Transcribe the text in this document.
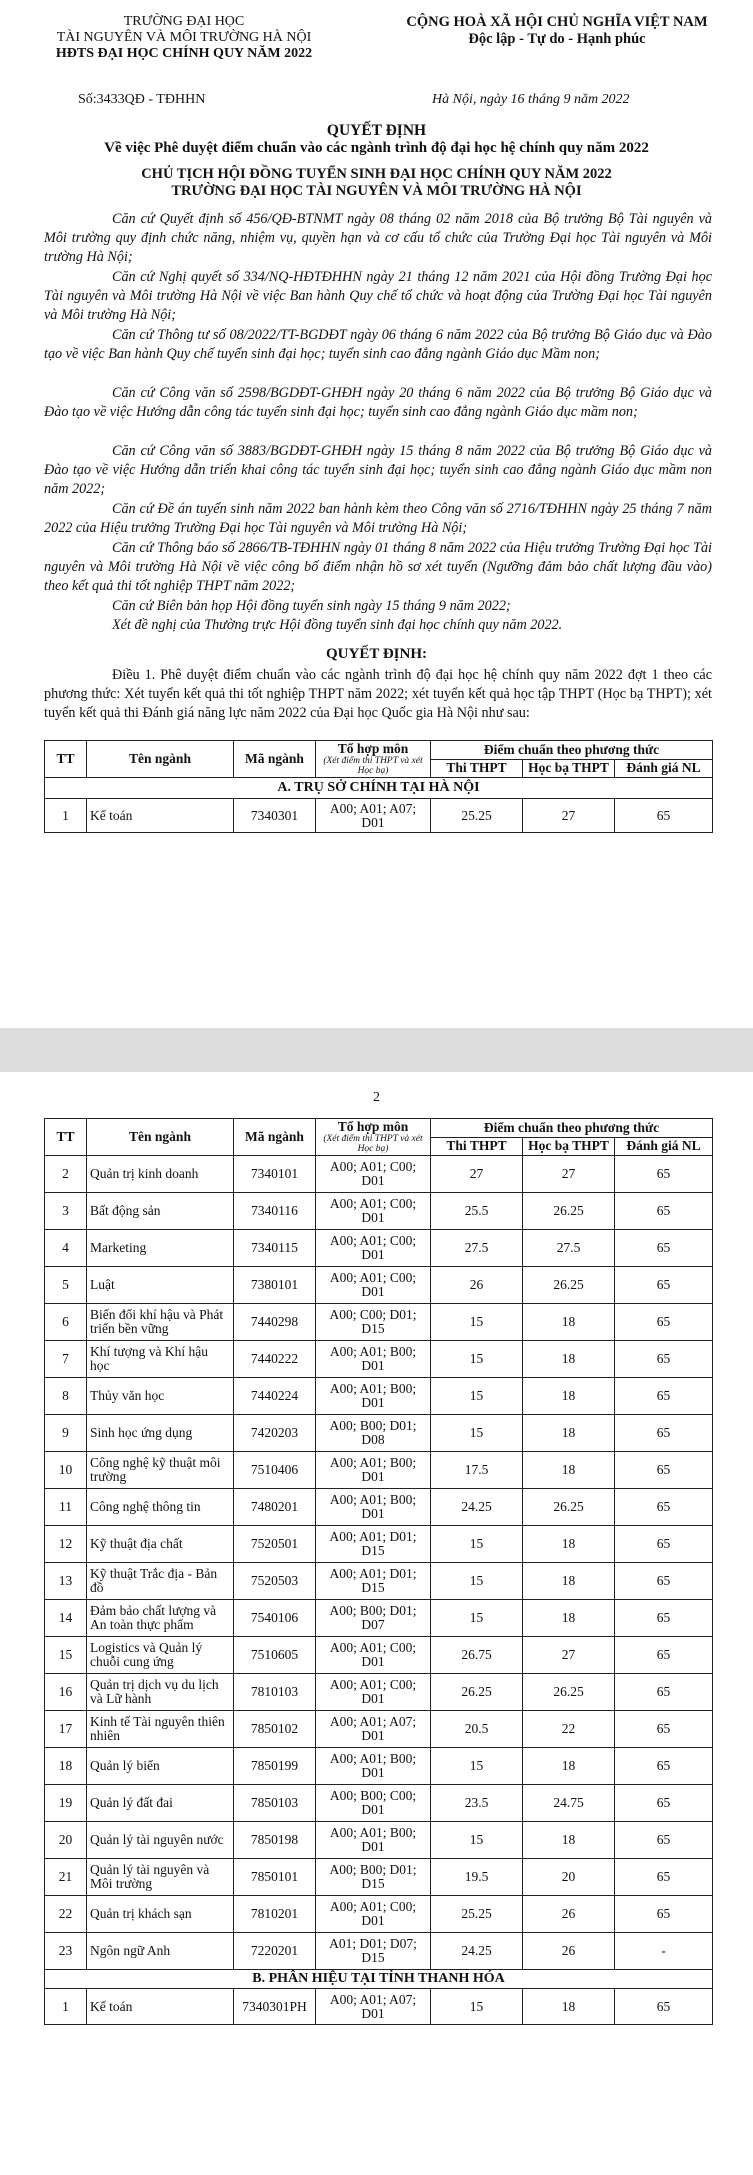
TRƯỜNG ĐẠI HỌC
TÀI NGUYÊN VÀ MÔI TRƯỜNG HÀ NỘI
HĐTS ĐẠI HỌC CHÍNH QUY NĂM 2022
CỘNG HOÀ XÃ HỘI CHỦ NGHĨA VIỆT NAM
Độc lập - Tự do - Hạnh phúc
Số:3433QĐ - TĐHHN	Hà Nội, ngày 16 tháng 9 năm 2022
QUYẾT ĐỊNH
Về việc Phê duyệt điểm chuẩn vào các ngành trình độ đại học hệ chính quy năm 2022
CHỦ TỊCH HỘI ĐỒNG TUYỂN SINH ĐẠI HỌC CHÍNH QUY NĂM 2022
TRƯỜNG ĐẠI HỌC TÀI NGUYÊN VÀ MÔI TRƯỜNG HÀ NỘI

Căn cứ Quyết định số 456/QĐ-BTNMT ngày 08 tháng 02 năm 2018 của Bộ trưởng Bộ Tài nguyên và Môi trường quy định chức năng, nhiệm vụ, quyền hạn và cơ cấu tổ chức của Trường Đại học Tài nguyên và Môi trường Hà Nội;

Căn cứ Nghị quyết số 334/NQ-HĐTĐHHN ngày 21 tháng 12 năm 2021 của Hội đồng Trường Đại học Tài nguyên và Môi trường Hà Nội về việc Ban hành Quy chế tổ chức và hoạt động của Trường Đại học Tài nguyên và Môi trường Hà Nội;

Căn cứ Thông tư số 08/2022/TT-BGDĐT ngày 06 tháng 6 năm 2022 của Bộ trưởng Bộ Giáo dục và Đào tạo về việc Ban hành Quy chế tuyển sinh đại học; tuyển sinh cao đẳng ngành Giáo dục Mầm non;

Căn cứ Công văn số 2598/BGDĐT-GHĐH ngày 20 tháng 6 năm 2022 của Bộ trưởng Bộ Giáo dục và Đào tạo về việc Hướng dẫn công tác tuyển sinh đại học; tuyển sinh cao đẳng ngành Giáo dục mầm non;

Căn cứ Công văn số 3883/BGDĐT-GHĐH ngày 15 tháng 8 năm 2022 của Bộ trưởng Bộ Giáo dục và Đào tạo về việc Hướng dẫn triển khai công tác tuyển sinh đại học; tuyển sinh cao đẳng ngành Giáo dục mầm non năm 2022;

Căn cứ Đề án tuyển sinh năm 2022 ban hành kèm theo Công văn số 2716/TĐHHN ngày 25 tháng 7 năm 2022 của Hiệu trưởng Trường Đại học Tài nguyên và Môi trường Hà Nội;

Căn cứ Thông báo số 2866/TB-TĐHHN ngày 01 tháng 8 năm 2022 của Hiệu trưởng Trường Đại học Tài nguyên và Môi trường Hà Nội về việc công bố điểm nhận hồ sơ xét tuyển (Ngưỡng đảm bảo chất lượng đầu vào) theo kết quả thi tốt nghiệp THPT năm 2022;

Căn cứ Biên bản họp Hội đồng tuyển sinh ngày 15 tháng 9 năm 2022;

Xét đề nghị của Thường trực Hội đồng tuyển sinh đại học chính quy năm 2022.

QUYẾT ĐỊNH:

Điều 1. Phê duyệt điểm chuẩn vào các ngành trình độ đại học hệ chính quy năm 2022 đợt 1 theo các phương thức: Xét tuyển kết quả thi tốt nghiệp THPT năm 2022; xét tuyển kết quả học tập THPT (Học bạ THPT); xét tuyển kết quả thi Đánh giá năng lực năm 2022 của Đại học Quốc gia Hà Nội như sau:

TT	Tên ngành	Mã ngành	Tổ hợp môn
(Xét điểm thi THPT và xét Học bạ)	Điểm chuẩn theo phương thức		
				Thi THPT	Học bạ THPT	Đánh giá NL
A. TRỤ SỞ CHÍNH TẠI HÀ NỘI						
1	Kế toán	7340301	A00; A01; A07; D01	25.25	27	65
2
TT	Tên ngành	Mã ngành	Tổ hợp môn
(Xét điểm thi THPT và xét Học bạ)	Điểm chuẩn theo phương thức		
				Thi THPT	Học bạ THPT	Đánh giá NL
2	Quản trị kinh doanh	7340101	A00; A01; C00; D01	27	27	65
3	Bất động sản	7340116	A00; A01; C00; D01	25.5	26.25	65
4	Marketing	7340115	A00; A01; C00; D01	27.5	27.5	65
5	Luật	7380101	A00; A01; C00; D01	26	26.25	65
6	Biến đổi khí hậu và Phát triển bền vững	7440298	A00; C00; D01; D15	15	18	65
7	Khí tượng và Khí hậu học	7440222	A00; A01; B00; D01	15	18	65
8	Thủy văn học	7440224	A00; A01; B00; D01	15	18	65
9	Sinh học ứng dụng	7420203	A00; B00; D01; D08	15	18	65
10	Công nghệ kỹ thuật môi trường	7510406	A00; A01; B00; D01	17.5	18	65
11	Công nghệ thông tin	7480201	A00; A01; B00; D01	24.25	26.25	65
12	Kỹ thuật địa chất	7520501	A00; A01; D01; D15	15	18	65
13	Kỹ thuật Trắc địa - Bản đồ	7520503	A00; A01; D01; D15	15	18	65
14	Đảm bảo chất lượng và An toàn thực phẩm	7540106	A00; B00; D01; D07	15	18	65
15	Logistics và Quản lý chuỗi cung ứng	7510605	A00; A01; C00; D01	26.75	27	65
16	Quản trị dịch vụ du lịch và Lữ hành	7810103	A00; A01; C00; D01	26.25	26.25	65
17	Kinh tế Tài nguyên thiên nhiên	7850102	A00; A01; A07; D01	20.5	22	65
18	Quản lý biển	7850199	A00; A01; B00; D01	15	18	65
19	Quản lý đất đai	7850103	A00; B00; C00; D01	23.5	24.75	65
20	Quản lý tài nguyên nước	7850198	A00; A01; B00; D01	15	18	65
21	Quản lý tài nguyên và Môi trường	7850101	A00; B00; D01; D15	19.5	20	65
22	Quản trị khách sạn	7810201	A00; A01; C00; D01	25.25	26	65
23	Ngôn ngữ Anh	7220201	A01; D01; D07; D15	24.25	26	-
B. PHÂN HIỆU TẠI TỈNH THANH HÓA						
1	Kế toán	7340301PH	A00; A01; A07; D01	15	18	65
